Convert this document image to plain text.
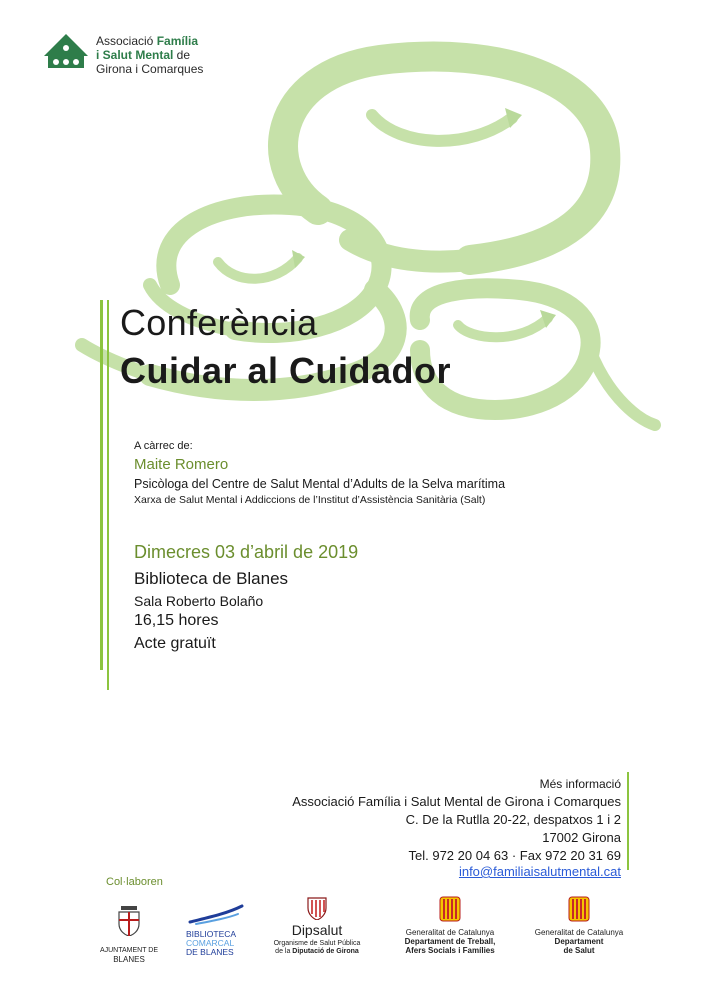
Associació Família
i Salut Mental de
Girona i Comarques
Conferència
Cuidar al Cuidador
A càrrec de:
Maite Romero
Psicòloga del Centre de Salut Mental d’Adults de la Selva marítima
Xarxa de Salut Mental i Addiccions de l’Institut d’Assistència Sanitària (Salt)
Dimecres 03 d’abril de 2019
Biblioteca de Blanes
Sala Roberto Bolaño
16,15 hores
Acte gratuït
Més informació
Associació Família i Salut Mental de Girona i Comarques
C. De la Rutlla 20-22, despatxos 1 i 2
17002 Girona
Tel. 972 20 04 63 · Fax 972 20 31 69
info@familiaisalutmental.cat
Col·laboren
AJUNTAMENT DE
BLANES
BIBLIOTECA
COMARCAL
DE BLANES
Dipsalut
Organisme de Salut Pública
de la Diputació de Girona
Generalitat de Catalunya
Departament de Treball,
Afers Socials i Famílies
Generalitat de Catalunya
Departament
de Salut
